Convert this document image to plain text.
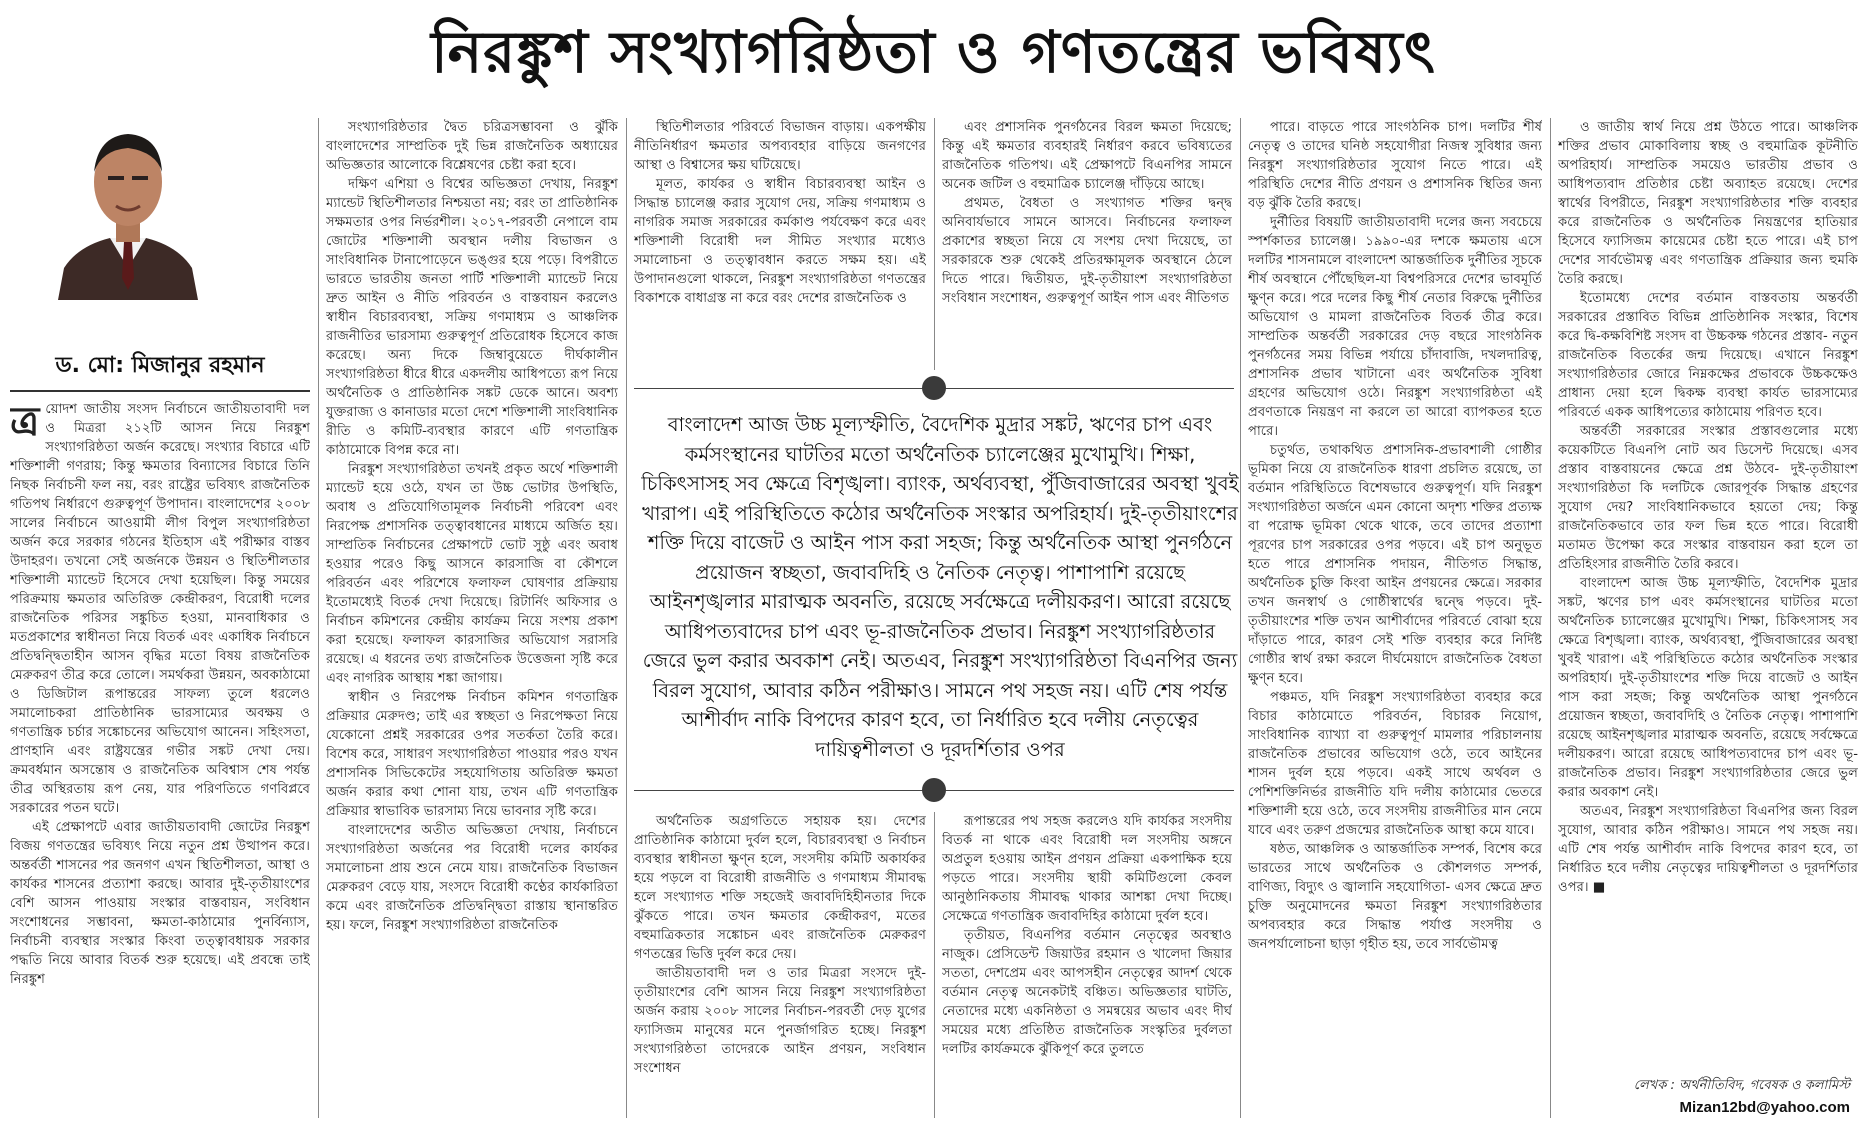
নিরঙ্কুশ সংখ্যাগরিষ্ঠতা ও গণতন্ত্রের ভবিষ্যৎ
ড. মো: মিজানুর রহমান

ত্রয়োদশ জাতীয় সংসদ নির্বাচনে জাতীয়তাবাদী দল ও মিত্ররা ২১২টি আসন নিয়ে নিরঙ্কুশ সংখ্যাগরিষ্ঠতা অর্জন করেছে। সংখ্যার বিচারে এটি শক্তিশালী গণরায়; কিন্তু ক্ষমতার বিন্যাসের বিচারে তিনি নিছক নির্বাচনী ফল নয়, বরং রাষ্ট্রের ভবিষ্যৎ রাজনৈতিক গতিপথ নির্ধারণে গুরুত্বপূর্ণ উপাদান। বাংলাদেশের ২০০৮ সালের নির্বাচনে আওয়ামী লীগ বিপুল সংখ্যাগরিষ্ঠতা অর্জন করে সরকার গঠনের ইতিহাস এই পরীক্ষার বাস্তব উদাহরণ। তখনো সেই অর্জনকে উন্নয়ন ও স্থিতিশীলতার শক্তিশালী ম্যান্ডেট হিসেবে দেখা হয়েছিল। কিন্তু সময়ের পরিক্রমায় ক্ষমতার অতিরিক্ত কেন্দ্রীকরণ, বিরোধী দলের রাজনৈতিক পরিসর সঙ্কুচিত হওয়া, মানবাধিকার ও মতপ্রকাশের স্বাধীনতা নিয়ে বিতর্ক এবং একাধিক নির্বাচনে প্রতিদ্বন্দ্বিতাহীন আসন বৃদ্ধির মতো বিষয় রাজনৈতিক মেরুকরণ তীব্র করে তোলে। সমর্থকরা উন্নয়ন, অবকাঠামো ও ডিজিটাল রূপান্তরের সাফল্য তুলে ধরলেও সমালোচকরা প্রাতিষ্ঠানিক ভারসাম্যের অবক্ষয় ও গণতান্ত্রিক চর্চার সঙ্কোচনের অভিযোগ আনেন। সহিংসতা, প্রাণহানি এবং রাষ্ট্রযন্ত্রের গভীর সঙ্কট দেখা দেয়। ক্রমবর্ধমান অসন্তোষ ও রাজনৈতিক অবিশ্বাস শেষ পর্যন্ত তীব্র অস্থিরতায় রূপ নেয়, যার পরিণতিতে গণবিপ্লবে সরকারের পতন ঘটে।

এই প্রেক্ষাপটে এবার জাতীয়তাবাদী জোটের নিরঙ্কুশ বিজয় গণতন্ত্রের ভবিষ্যৎ নিয়ে নতুন প্রশ্ন উত্থাপন করে। অন্তর্বর্তী শাসনের পর জনগণ এখন স্থিতিশীলতা, আস্থা ও কার্যকর শাসনের প্রত্যাশা করছে। আবার দুই-তৃতীয়াংশের বেশি আসন পাওয়ায় সংস্কার বাস্তবায়ন, সংবিধান সংশোধনের সম্ভাবনা, ক্ষমতা-কাঠামোর পুনর্বিন্যাস, নির্বাচনী ব্যবস্থার সংস্কার কিংবা তত্ত্বাবধায়ক সরকার পদ্ধতি নিয়ে আবার বিতর্ক শুরু হয়েছে। এই প্রবন্ধে তাই নিরঙ্কুশ

সংখ্যাগরিষ্ঠতার দ্বৈত চরিত্রসম্ভাবনা ও ঝুঁকি বাংলাদেশের সাম্প্রতিক দুই ভিন্ন রাজনৈতিক অধ্যায়ের অভিজ্ঞতার আলোকে বিশ্লেষণের চেষ্টা করা হবে।

দক্ষিণ এশিয়া ও বিশ্বের অভিজ্ঞতা দেখায়, নিরঙ্কুশ ম্যান্ডেট স্থিতিশীলতার নিশ্চয়তা নয়; বরং তা প্রাতিষ্ঠানিক সক্ষমতার ওপর নির্ভরশীল। ২০১৭-পরবর্তী নেপালে বাম জোটের শক্তিশালী অবস্থান দলীয় বিভাজন ও সাংবিধানিক টানাপোড়েনে ভঙ্গুর হয়ে পড়ে। বিপরীতে ভারতে ভারতীয় জনতা পার্টি শক্তিশালী ম্যান্ডেট নিয়ে দ্রুত আইন ও নীতি পরিবর্তন ও বাস্তবায়ন করলেও স্বাধীন বিচারব্যবস্থা, সক্রিয় গণমাধ্যম ও আঞ্চলিক রাজনীতির ভারসাম্য গুরুত্বপূর্ণ প্রতিরোধক হিসেবে কাজ করেছে। অন্য দিকে জিম্বাবুয়েতে দীর্ঘকালীন সংখ্যাগরিষ্ঠতা ধীরে ধীরে একদলীয় আধিপত্যে রূপ নিয়ে অর্থনৈতিক ও প্রাতিষ্ঠানিক সঙ্কট ডেকে আনে। অবশ্য যুক্তরাজ্য ও কানাডার মতো দেশে শক্তিশালী সাংবিধানিক রীতি ও কমিটি-ব্যবস্থার কারণে এটি গণতান্ত্রিক কাঠামোকে বিপন্ন করে না।

নিরঙ্কুশ সংখ্যাগরিষ্ঠতা তখনই প্রকৃত অর্থে শক্তিশালী ম্যান্ডেট হয়ে ওঠে, যখন তা উচ্চ ভোটার উপস্থিতি, অবাধ ও প্রতিযোগিতামূলক নির্বাচনী পরিবেশ এবং নিরপেক্ষ প্রশাসনিক তত্ত্বাবধানের মাধ্যমে অর্জিত হয়। সাম্প্রতিক নির্বাচনের প্রেক্ষাপটে ভোট সুষ্ঠু এবং অবাধ হওয়ার পরেও কিছু আসনে কারসাজি বা কৌশলে পরিবর্তন এবং পরিশেষে ফলাফল ঘোষণার প্রক্রিয়ায় ইতোমধ্যেই বিতর্ক দেখা দিয়েছে। রিটার্নিং অফিসার ও নির্বাচন কমিশনের কেন্দ্রীয় কার্যক্রম নিয়ে সংশয় প্রকাশ করা হয়েছে। ফলাফল কারসাজির অভিযোগ সরাসরি রয়েছে। এ ধরনের তথ্য রাজনৈতিক উত্তেজনা সৃষ্টি করে এবং নাগরিক আস্থায় শঙ্কা জাগায়।

স্বাধীন ও নিরপেক্ষ নির্বাচন কমিশন গণতান্ত্রিক প্রক্রিয়ার মেরুদণ্ড; তাই এর স্বচ্ছতা ও নিরপেক্ষতা নিয়ে যেকোনো প্রশ্নই সরকারের ওপর সতর্কতা তৈরি করে। বিশেষ করে, সাধারণ সংখ্যাগরিষ্ঠতা পাওয়ার পরও যখন প্রশাসনিক সিভিকেটের সহযোগিতায় অতিরিক্ত ক্ষমতা অর্জন করার কথা শোনা যায়, তখন এটি গণতান্ত্রিক প্রক্রিয়ার স্বাভাবিক ভারসাম্য নিয়ে ভাবনার সৃষ্টি করে।

বাংলাদেশের অতীত অভিজ্ঞতা দেখায়, নির্বাচনে সংখ্যাগরিষ্ঠতা অর্জনের পর বিরোধী দলের কার্যকর সমালোচনা প্রায় শুনে নেমে যায়। রাজনৈতিক বিভাজন মেরুকরণ বেড়ে যায়, সংসদে বিরোধী কণ্ঠের কার্যকারিতা কমে এবং রাজনৈতিক প্রতিদ্বন্দ্বিতা রাস্তায় স্থানান্তরিত হয়। ফলে, নিরঙ্কুশ সংখ্যাগরিষ্ঠতা রাজনৈতিক

স্থিতিশীলতার পরিবর্তে বিভাজন বাড়ায়। একপক্ষীয় নীতিনির্ধারণ ক্ষমতার অপব্যবহার বাড়িয়ে জনগণের আস্থা ও বিশ্বাসের ক্ষয় ঘটিয়েছে।

মূলত, কার্যকর ও স্বাধীন বিচারব্যবস্থা আইন ও সিদ্ধান্ত চ্যালেঞ্জ করার সুযোগ দেয়, সক্রিয় গণমাধ্যম ও নাগরিক সমাজ সরকারের কর্মকাণ্ড পর্যবেক্ষণ করে এবং শক্তিশালী বিরোধী দল সীমিত সংখ্যার মধ্যেও সমালোচনা ও তত্ত্বাবধান করতে সক্ষম হয়। এই উপাদানগুলো থাকলে, নিরঙ্কুশ সংখ্যাগরিষ্ঠতা গণতন্ত্রের বিকাশকে বাধাগ্রস্ত না করে বরং দেশের রাজনৈতিক ও

এবং প্রশাসনিক পুনর্গঠনের বিরল ক্ষমতা দিয়েছে; কিন্তু এই ক্ষমতার ব্যবহারই নির্ধারণ করবে ভবিষ্যতের রাজনৈতিক গতিপথ। এই প্রেক্ষাপটে বিএনপির সামনে অনেক জটিল ও বহুমাত্রিক চ্যালেঞ্জ দাঁড়িয়ে আছে।

প্রথমত, বৈধতা ও সংখ্যাগত শক্তির দ্বন্দ্ব অনিবার্যভাবে সামনে আসবে। নির্বাচনের ফলাফল প্রকাশের স্বচ্ছতা নিয়ে যে সংশয় দেখা দিয়েছে, তা সরকারকে শুরু থেকেই প্রতিরক্ষামূলক অবস্থানে ঠেলে দিতে পারে। দ্বিতীয়ত, দুই-তৃতীয়াংশ সংখ্যাগরিষ্ঠতা সংবিধান সংশোধন, গুরুত্বপূর্ণ আইন পাস এবং নীতিগত

বাংলাদেশ আজ উচ্চ মূল্যস্ফীতি, বৈদেশিক মুদ্রার সঙ্কট, ঋণের চাপ এবং কর্মসংস্থানের ঘাটতির মতো অর্থনৈতিক চ্যালেঞ্জের মুখোমুখি। শিক্ষা, চিকিৎসাসহ সব ক্ষেত্রে বিশৃঙ্খলা। ব্যাংক, অর্থব্যবস্থা, পুঁজিবাজারের অবস্থা খুবই খারাপ। এই পরিস্থিতিতে কঠোর অর্থনৈতিক সংস্কার অপরিহার্য। দুই-তৃতীয়াংশের শক্তি দিয়ে বাজেট ও আইন পাস করা সহজ; কিন্তু অর্থনৈতিক আস্থা পুনর্গঠনে প্রয়োজন স্বচ্ছতা, জবাবদিহি ও নৈতিক নেতৃত্ব। পাশাপাশি রয়েছে আইনশৃঙ্খলার মারাত্মক অবনতি, রয়েছে সর্বক্ষেত্রে দলীয়করণ। আরো রয়েছে আধিপত্যবাদের চাপ এবং ভূ-রাজনৈতিক প্রভাব। নিরঙ্কুশ সংখ্যাগরিষ্ঠতার জেরে ভুল করার অবকাশ নেই। অতএব, নিরঙ্কুশ সংখ্যাগরিষ্ঠতা বিএনপির জন্য বিরল সুযোগ, আবার কঠিন পরীক্ষাও। সামনে পথ সহজ নয়। এটি শেষ পর্যন্ত আশীর্বাদ নাকি বিপদের কারণ হবে, তা নির্ধারিত হবে দলীয় নেতৃত্বের দায়িত্বশীলতা ও দূরদর্শিতার ওপর

অর্থনৈতিক অগ্রগতিতে সহায়ক হয়। দেশের প্রাতিষ্ঠানিক কাঠামো দুর্বল হলে, বিচারব্যবস্থা ও নির্বাচন ব্যবস্থার স্বাধীনতা ক্ষুণ্ন হলে, সংসদীয় কমিটি অকার্যকর হয়ে পড়লে বা বিরোধী রাজনীতি ও গণমাধ্যম সীমাবদ্ধ হলে সংখ্যাগত শক্তি সহজেই জবাবদিহিহীনতার দিকে ঝুঁকতে পারে। তখন ক্ষমতার কেন্দ্রীকরণ, মতের বহুমাত্রিকতার সঙ্কোচন এবং রাজনৈতিক মেরুকরণ গণতন্ত্রের ভিত্তি দুর্বল করে দেয়।

জাতীয়তাবাদী দল ও তার মিত্ররা সংসদে দুই-তৃতীয়াংশের বেশি আসন নিয়ে নিরঙ্কুশ সংখ্যাগরিষ্ঠতা অর্জন করায় ২০০৮ সালের নির্বাচন-পরবর্তী দেড় যুগের ফ্যাসিজম মানুষের মনে পুনর্জাগরিত হচ্ছে। নিরঙ্কুশ সংখ্যাগরিষ্ঠতা তাদেরকে আইন প্রণয়ন, সংবিধান সংশোধন

রূপান্তরের পথ সহজ করলেও যদি কার্যকর সংসদীয় বিতর্ক না থাকে এবং বিরোধী দল সংসদীয় অঙ্গনে অপ্রতুল হওয়ায় আইন প্রণয়ন প্রক্রিয়া একপাক্ষিক হয়ে পড়তে পারে। সংসদীয় স্থায়ী কমিটিগুলো কেবল আনুষ্ঠানিকতায় সীমাবদ্ধ থাকার আশঙ্কা দেখা দিচ্ছে। সেক্ষেত্রে গণতান্ত্রিক জবাবদিহির কাঠামো দুর্বল হবে।

তৃতীয়ত, বিএনপির বর্তমান নেতৃত্বের অবস্থাও নাজুক। প্রেসিডেন্ট জিয়াউর রহমান ও খালেদা জিয়ার সততা, দেশপ্রেম এবং আপসহীন নেতৃত্বের আদর্শ থেকে বর্তমান নেতৃত্ব অনেকটাই বঞ্চিত। অভিজ্ঞতার ঘাটতি, নেতাদের মধ্যে একনিষ্ঠতা ও সমন্বয়ের অভাব এবং দীর্ঘ সময়ের মধ্যে প্রতিষ্ঠিত রাজনৈতিক সংস্কৃতির দুর্বলতা দলটির কার্যক্রমকে ঝুঁকিপূর্ণ করে তুলতে

পারে। বাড়তে পারে সাংগঠনিক চাপ। দলটির শীর্ষ নেতৃত্ব ও তাদের ঘনিষ্ঠ সহযোগীরা নিজস্ব সুবিধার জন্য নিরঙ্কুশ সংখ্যাগরিষ্ঠতার সুযোগ নিতে পারে। এই পরিস্থিতি দেশের নীতি প্রণয়ন ও প্রশাসনিক স্থিতির জন্য বড় ঝুঁকি তৈরি করছে।

দুর্নীতির বিষয়টি জাতীয়তাবাদী দলের জন্য সবচেয়ে স্পর্শকাতর চ্যালেঞ্জ। ১৯৯০-এর দশকে ক্ষমতায় এসে দলটির শাসনামলে বাংলাদেশ আন্তর্জাতিক দুর্নীতির সূচকে শীর্ষ অবস্থানে পৌঁছেছিল-যা বিশ্বপরিসরে দেশের ভাবমূর্তি ক্ষুণ্ন করে। পরে দলের কিছু শীর্ষ নেতার বিরুদ্ধে দুর্নীতির অভিযোগ ও মামলা রাজনৈতিক বিতর্ক তীব্র করে। সাম্প্রতিক অন্তর্বর্তী সরকারের দেড় বছরে সাংগঠনিক পুনর্গঠনের সময় বিভিন্ন পর্যায়ে চাঁদাবাজি, দখলদারিত্ব, প্রশাসনিক প্রভাব খাটানো এবং অর্থনৈতিক সুবিধা গ্রহণের অভিযোগ ওঠে। নিরঙ্কুশ সংখ্যাগরিষ্ঠতা এই প্রবণতাকে নিয়ন্ত্রণ না করলে তা আরো ব্যাপকতর হতে পারে।

চতুর্থত, তথাকথিত প্রশাসনিক-প্রভাবশালী গোষ্ঠীর ভূমিকা নিয়ে যে রাজনৈতিক ধারণা প্রচলিত রয়েছে, তা বর্তমান পরিস্থিতিতে বিশেষভাবে গুরুত্বপূর্ণ। যদি নিরঙ্কুশ সংখ্যাগরিষ্ঠতা অর্জনে এমন কোনো অদৃশ্য শক্তির প্রত্যক্ষ বা পরোক্ষ ভূমিকা থেকে থাকে, তবে তাদের প্রত্যাশা পূরণের চাপ সরকারের ওপর পড়বে। এই চাপ অনুভূত হতে পারে প্রশাসনিক পদায়ন, নীতিগত সিদ্ধান্ত, অর্থনৈতিক চুক্তি কিংবা আইন প্রণয়নের ক্ষেত্রে। সরকার তখন জনস্বার্থ ও গোষ্ঠীস্বার্থের দ্বন্দ্বে পড়বে। দুই-তৃতীয়াংশের শক্তি তখন আশীর্বাদের পরিবর্তে বোঝা হয়ে দাঁড়াতে পারে, কারণ সেই শক্তি ব্যবহার করে নির্দিষ্ট গোষ্ঠীর স্বার্থ রক্ষা করলে দীর্ঘমেয়াদে রাজনৈতিক বৈধতা ক্ষুণ্ন হবে।

পঞ্চমত, যদি নিরঙ্কুশ সংখ্যাগরিষ্ঠতা ব্যবহার করে বিচার কাঠামোতে পরিবর্তন, বিচারক নিয়োগ, সাংবিধানিক ব্যাখ্যা বা গুরুত্বপূর্ণ মামলার পরিচালনায় রাজনৈতিক প্রভাবের অভিযোগ ওঠে, তবে আইনের শাসন দুর্বল হয়ে পড়বে। একই সাথে অর্থবল ও পেশিশক্তিনির্ভর রাজনীতি যদি দলীয় কাঠামোর ভেতরে শক্তিশালী হয়ে ওঠে, তবে সংসদীয় রাজনীতির মান নেমে যাবে এবং তরুণ প্রজন্মের রাজনৈতিক আস্থা কমে যাবে।

ষষ্ঠত, আঞ্চলিক ও আন্তর্জাতিক সম্পর্ক, বিশেষ করে ভারতের সাথে অর্থনৈতিক ও কৌশলগত সম্পর্ক, বাণিজ্য, বিদ্যুৎ ও জ্বালানি সহযোগিতা- এসব ক্ষেত্রে দ্রুত চুক্তি অনুমোদনের ক্ষমতা নিরঙ্কুশ সংখ্যাগরিষ্ঠতার অপব্যবহার করে সিদ্ধান্ত পর্যাপ্ত সংসদীয় ও জনপর্যালোচনা ছাড়া গৃহীত হয়, তবে সার্বভৌমত্ব

ও জাতীয় স্বার্থ নিয়ে প্রশ্ন উঠতে পারে। আঞ্চলিক শক্তির প্রভাব মোকাবিলায় স্বচ্ছ ও বহুমাত্রিক কূটনীতি অপরিহার্য। সাম্প্রতিক সময়েও ভারতীয় প্রভাব ও আধিপত্যবাদ প্রতিষ্ঠার চেষ্টা অব্যাহত রয়েছে। দেশের স্বার্থের বিপরীতে, নিরঙ্কুশ সংখ্যাগরিষ্ঠতার শক্তি ব্যবহার করে রাজনৈতিক ও অর্থনৈতিক নিয়ন্ত্রণের হাতিয়ার হিসেবে ফ্যাসিজম কায়েমের চেষ্টা হতে পারে। এই চাপ দেশের সার্বভৌমত্ব এবং গণতান্ত্রিক প্রক্রিয়ার জন্য হুমকি তৈরি করছে।

ইতোমধ্যে দেশের বর্তমান বাস্তবতায় অন্তর্বর্তী সরকারের প্রস্তাবিত বিভিন্ন প্রাতিষ্ঠানিক সংস্কার, বিশেষ করে দ্বি-কক্ষবিশিষ্ট সংসদ বা উচ্চকক্ষ গঠনের প্রস্তাব- নতুন রাজনৈতিক বিতর্কের জন্ম দিয়েছে। এখানে নিরঙ্কুশ সংখ্যাগরিষ্ঠতার জোরে নিম্নকক্ষের প্রভাবকে উচ্চকক্ষেও প্রাধান্য দেয়া হলে দ্বিকক্ষ ব্যবস্থা কার্যত ভারসাম্যের পরিবর্তে একক আধিপত্যের কাঠামোয় পরিণত হবে।

অন্তর্বর্তী সরকারের সংস্কার প্রস্তাবগুলোর মধ্যে কয়েকটিতে বিএনপি নোট অব ডিসেন্ট দিয়েছে। এসব প্রস্তাব বাস্তবায়নের ক্ষেত্রে প্রশ্ন উঠবে- দুই-তৃতীয়াংশ সংখ্যাগরিষ্ঠতা কি দলটিকে জোরপূর্বক সিদ্ধান্ত গ্রহণের সুযোগ দেয়? সাংবিধানিকভাবে হয়তো দেয়; কিন্তু রাজনৈতিকভাবে তার ফল ভিন্ন হতে পারে। বিরোধী মতামত উপেক্ষা করে সংস্কার বাস্তবায়ন করা হলে তা প্রতিহিংসার রাজনীতি তৈরি করবে।

বাংলাদেশ আজ উচ্চ মূল্যস্ফীতি, বৈদেশিক মুদ্রার সঙ্কট, ঋণের চাপ এবং কর্মসংস্থানের ঘাটতির মতো অর্থনৈতিক চ্যালেঞ্জের মুখোমুখি। শিক্ষা, চিকিৎসাসহ সব ক্ষেত্রে বিশৃঙ্খলা। ব্যাংক, অর্থব্যবস্থা, পুঁজিবাজারের অবস্থা খুবই খারাপ। এই পরিস্থিতিতে কঠোর অর্থনৈতিক সংস্কার অপরিহার্য। দুই-তৃতীয়াংশের শক্তি দিয়ে বাজেট ও আইন পাস করা সহজ; কিন্তু অর্থনৈতিক আস্থা পুনর্গঠনে প্রয়োজন স্বচ্ছতা, জবাবদিহি ও নৈতিক নেতৃত্ব। পাশাপাশি রয়েছে আইনশৃঙ্খলার মারাত্মক অবনতি, রয়েছে সর্বক্ষেত্রে দলীয়করণ। আরো রয়েছে আধিপত্যবাদের চাপ এবং ভূ-রাজনৈতিক প্রভাব। নিরঙ্কুশ সংখ্যাগরিষ্ঠতার জেরে ভুল করার অবকাশ নেই।

অতএব, নিরঙ্কুশ সংখ্যাগরিষ্ঠতা বিএনপির জন্য বিরল সুযোগ, আবার কঠিন পরীক্ষাও। সামনে পথ সহজ নয়। এটি শেষ পর্যন্ত আশীর্বাদ নাকি বিপদের কারণ হবে, তা নির্ধারিত হবে দলীয় নেতৃত্বের দায়িত্বশীলতা ও দূরদর্শিতার ওপর। ■

লেখক : অর্থনীতিবিদ, গবেষক ও কলামিস্ট
Mizan12bd@yahoo.com
